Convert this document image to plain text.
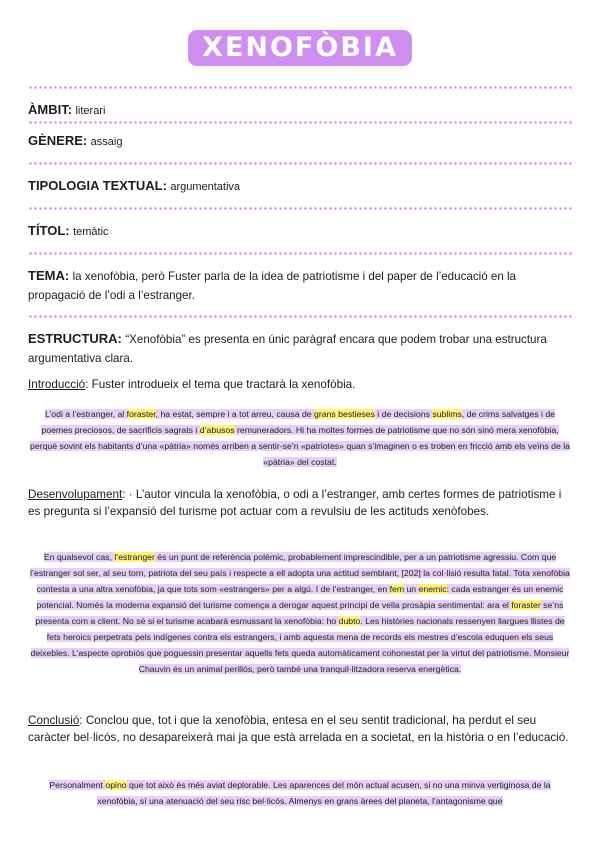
XENOFÒBIA
ÀMBIT: literari
GÈNERE: assaig
TIPOLOGIA TEXTUAL: argumentativa
TÍTOL: temàtic
TEMA: la xenofòbia, però Fuster parla de la idea de patriotisme i del paper de l’educació en la propagació de l’odi a l’estranger.
ESTRUCTURA: “Xenofòbia” es presenta en únic paràgraf encara que podem trobar una estructura argumentativa clara.
Introducció: Fuster introdueix el tema que tractarà la xenofòbia.
L’odi a l’estranger, al foraster, ha estat, sempre i a tot arreu, causa de grans bestieses i de decisions sublims, de crims salvatges i de poemes preciosos, de sacrificis sagrats i d’abusos remuneradors. Hi ha moltes formes de patriotisme que no són sinó mera xenofòbia, perquè sovint els habitants d’una «pàtria» només arriben a sentir-se’n «patriotes» quan s’imaginen o es troben en fricció amb els veïns de la «pàtria» del costat.
Desenvolupament: · L’autor vincula la xenofòbia, o odi a l’estranger, amb certes formes de patriotisme i es pregunta si l’expansió del turisme pot actuar com a revulsiu de les actituds xenòfobes.
En qualsevol cas, l’estranger és un punt de referència polèmic, probablement imprescindible, per a un patriotisme agressiu. Com que l’estranger sol ser, al seu torn, patriota del seu país i respecte a ell adopta una actitud semblant, [202] la col·lisió resulta fatal. Tota xenofòbia contesta a una altra xenofòbia, ja que tots som «estrangers» per a algú. I de l’estranger, en fem un enemic: cada estranger és un enemic potencial. Només la moderna expansió del turisme comença a derogar aquest principi de vella prosàpia sentimental: ara el foraster se’ns presenta com a client. No sé si el turisme acabarà esmussant la xenofòbia: ho dubto. Les històries nacionals ressenyen llargues llistes de fets heroics perpetrats pels indígenes contra els estrangers, i amb aquesta mena de records els mestres d’escola eduquen els seus deixebles. L’aspecte oprobiós que poguessin presentar aquells fets queda automàticament cohonestat per la virtut del patriotisme. Monsieur Chauvin és un animal perillós, però també una tranquil·litzadora reserva energètica.
Conclusió: Conclou que, tot i que la xenofòbia, entesa en el seu sentit tradicional, ha perdut el seu caràcter bel·licós, no desapareixerà mai ja que està arrelada en a societat, en la història o en l’educació.
Personalment opino que tot això és més aviat deplorable. Les aparences del món actual acusen, si no una minva vertiginosa de la xenofòbia, sí una atenuació del seu risc bel·licós. Almenys en grans àrees del planeta, l’antagonisme que
